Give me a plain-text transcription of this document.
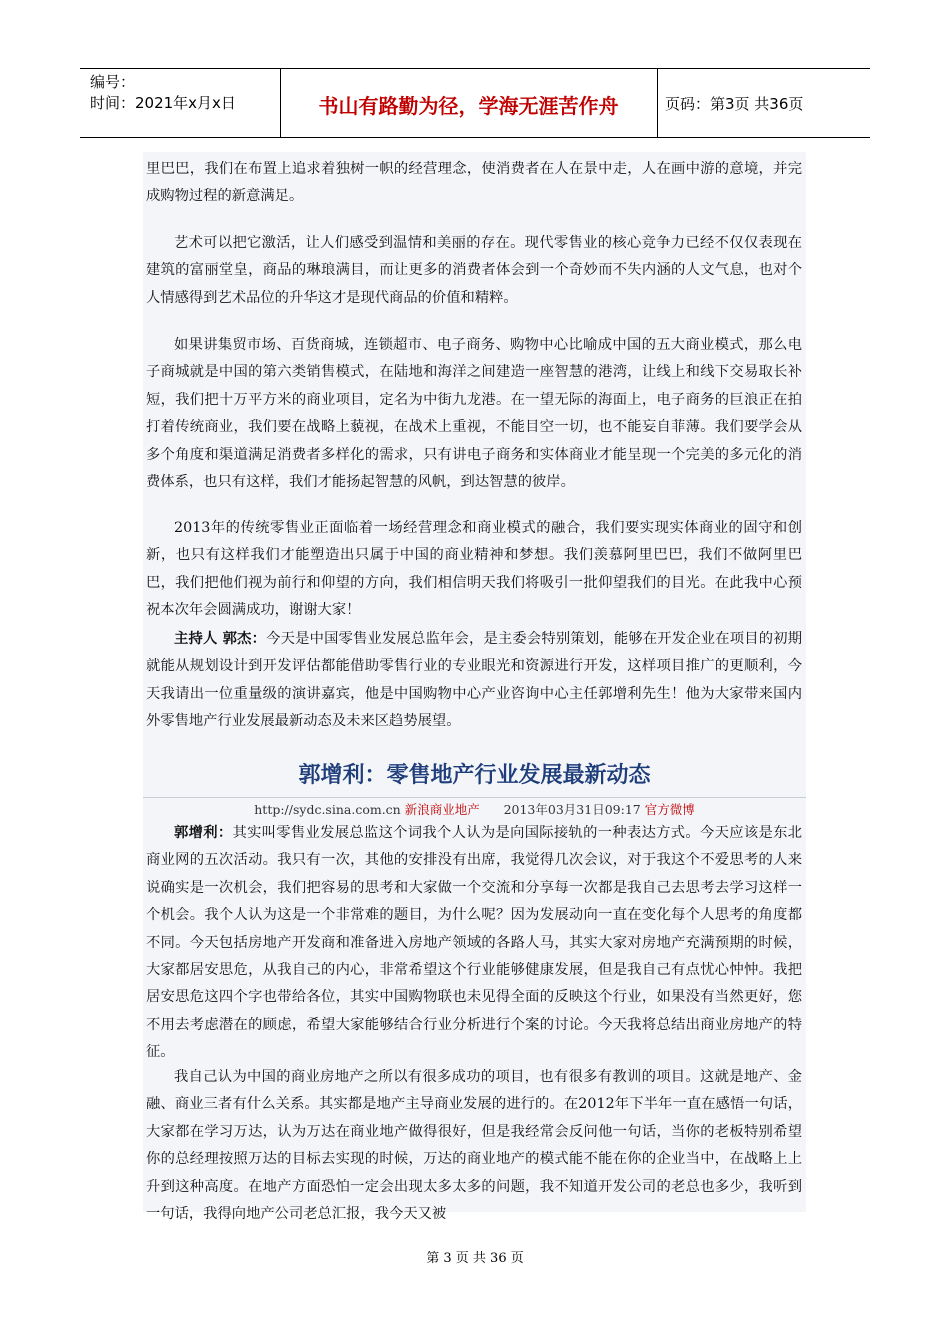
编号：
时间：2021年x月x日	书山有路勤为径，学海无涯苦作舟	页码：第3页 共36页

里巴巴，我们在布置上追求着独树一帜的经营理念，使消费者在人在景中走，人在画中游的意境，并完成购物过程的新意满足。

艺术可以把它激活，让人们感受到温情和美丽的存在。现代零售业的核心竞争力已经不仅仅表现在建筑的富丽堂皇，商品的琳琅满目，而让更多的消费者体会到一个奇妙而不失内涵的人文气息，也对个人情感得到艺术品位的升华这才是现代商品的价值和精粹。

如果讲集贸市场、百货商城，连锁超市、电子商务、购物中心比喻成中国的五大商业模式，那么电子商城就是中国的第六类销售模式，在陆地和海洋之间建造一座智慧的港湾，让线上和线下交易取长补短，我们把十万平方米的商业项目，定名为中街九龙港。在一望无际的海面上，电子商务的巨浪正在拍打着传统商业，我们要在战略上藐视，在战术上重视，不能目空一切，也不能妄自菲薄。我们要学会从多个角度和渠道满足消费者多样化的需求，只有讲电子商务和实体商业才能呈现一个完美的多元化的消费体系，也只有这样，我们才能扬起智慧的风帆，到达智慧的彼岸。

2013年的传统零售业正面临着一场经营理念和商业模式的融合，我们要实现实体商业的固守和创新，也只有这样我们才能塑造出只属于中国的商业精神和梦想。我们羡慕阿里巴巴，我们不做阿里巴巴，我们把他们视为前行和仰望的方向，我们相信明天我们将吸引一批仰望我们的目光。在此我中心预祝本次年会圆满成功，谢谢大家！

主持人 郭杰：今天是中国零售业发展总监年会，是主委会特别策划，能够在开发企业在项目的初期就能从规划设计到开发评估都能借助零售行业的专业眼光和资源进行开发，这样项目推广的更顺利，今天我请出一位重量级的演讲嘉宾，他是中国购物中心产业咨询中心主任郭增利先生！他为大家带来国内外零售地产行业发展最新动态及未来区趋势展望。

郭增利：零售地产行业发展最新动态
http://sydc.sina.com.cn 新浪商业地产 2013年03月31日09:17 官方微博

郭增利：其实叫零售业发展总监这个词我个人认为是向国际接轨的一种表达方式。今天应该是东北商业网的五次活动。我只有一次，其他的安排没有出席，我觉得几次会议，对于我这个不爱思考的人来说确实是一次机会，我们把容易的思考和大家做一个交流和分享每一次都是我自己去思考去学习这样一个机会。我个人认为这是一个非常难的题目，为什么呢？因为发展动向一直在变化每个人思考的角度都不同。今天包括房地产开发商和准备进入房地产领域的各路人马，其实大家对房地产充满预期的时候，大家都居安思危，从我自己的内心，非常希望这个行业能够健康发展，但是我自己有点忧心忡忡。我把居安思危这四个字也带给各位，其实中国购物联也未见得全面的反映这个行业，如果没有当然更好，您不用去考虑潜在的顾虑，希望大家能够结合行业分析进行个案的讨论。今天我将总结出商业房地产的特征。

我自己认为中国的商业房地产之所以有很多成功的项目，也有很多有教训的项目。这就是地产、金融、商业三者有什么关系。其实都是地产主导商业发展的进行的。在2012年下半年一直在感悟一句话，大家都在学习万达，认为万达在商业地产做得很好，但是我经常会反问他一句话，当你的老板特别希望你的总经理按照万达的目标去实现的时候，万达的商业地产的模式能不能在你的企业当中，在战略上上升到这种高度。在地产方面恐怕一定会出现太多太多的问题，我不知道开发公司的老总也多少，我听到一句话，我得向地产公司老总汇报，我今天又被

第 3 页 共 36 页
